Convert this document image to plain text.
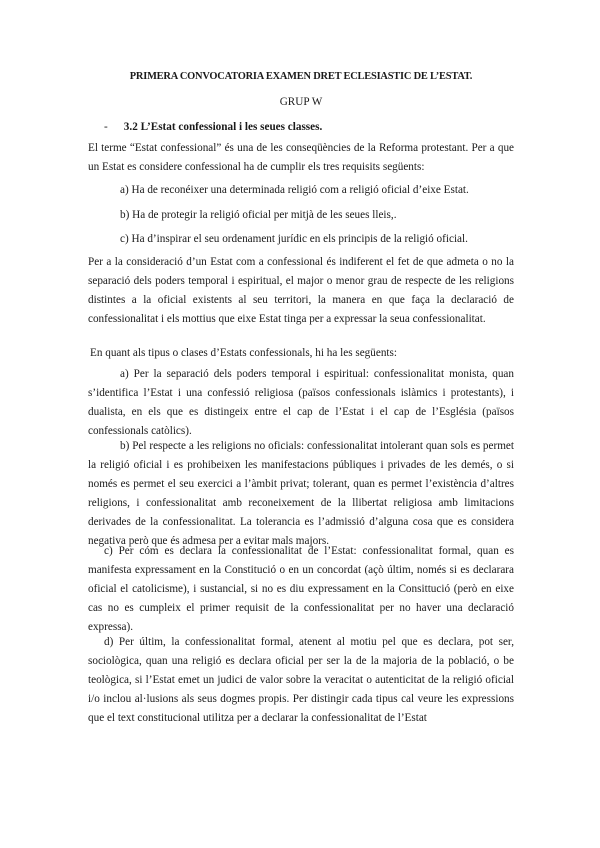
PRIMERA CONVOCATORIA EXAMEN DRET ECLESIASTIC DE L’ESTAT.
GRUP W
- 3.2 L’Estat confessional i les seues classes.

El terme “Estat confessional” és una de les conseqüències de la Reforma protestant. Per a que un Estat es considere confessional ha de cumplir els tres requisits següents:

a) Ha de reconéixer una determinada religió com a religió oficial d’eixe Estat.
b) Ha de protegir la religió oficial per mitjà de les seues lleis,.
c) Ha d’inspirar el seu ordenament jurídic en els principis de la religió oficial.

Per a la consideració d’un Estat com a confessional és indiferent el fet de que admeta o no la separació dels poders temporal i espiritual, el major o menor grau de respecte de les religions distintes a la oficial existents al seu territori, la manera en que faça la declaració de confessionalitat i els mottius que eixe Estat tinga per a expressar la seua confessionalitat.

En quant als tipus o clases d’Estats confessionals, hi ha les següents:

a) Per la separació dels poders temporal i espiritual: confessionalitat monista, quan s’identifica l’Estat i una confessió religiosa (països confessionals islàmics i protestants), i dualista, en els que es distingeix entre el cap de l’Estat i el cap de l’Església (països confessionals catòlics).

b) Pel respecte a les religions no oficials: confessionalitat intolerant quan sols es permet la religió oficial i es prohibeixen les manifestacions públiques i privades de les demés, o si només es permet el seu exercici a l’àmbit privat; tolerant, quan es permet l’existència d’altres religions, i confessionalitat amb reconeixement de la llibertat religiosa amb limitacions derivades de la confessionalitat. La tolerancia es l’admissió d’alguna cosa que es considera negativa però que és admesa per a evitar mals majors.

c) Per cóm es declara la confessionalitat de l’Estat: confessionalitat formal, quan es manifesta expressament en la Constitució o en un concordat (açò últim, només si es declarara oficial el catolicisme), i sustancial, si no es diu expressament en la Consittució (però en eixe cas no es cumpleix el primer requisit de la confessionalitat per no haver una declaració expressa).

d) Per últim, la confessionalitat formal, atenent al motiu pel que es declara, pot ser, sociològica, quan una religió es declara oficial per ser la de la majoria de la població, o be teològica, si l’Estat emet un judici de valor sobre la veracitat o autenticitat de la religió oficial i/o inclou al·lusions als seus dogmes propis. Per distingir cada tipus cal veure les expressions que el text constitucional utilitza per a declarar la confessionalitat de l’Estat
